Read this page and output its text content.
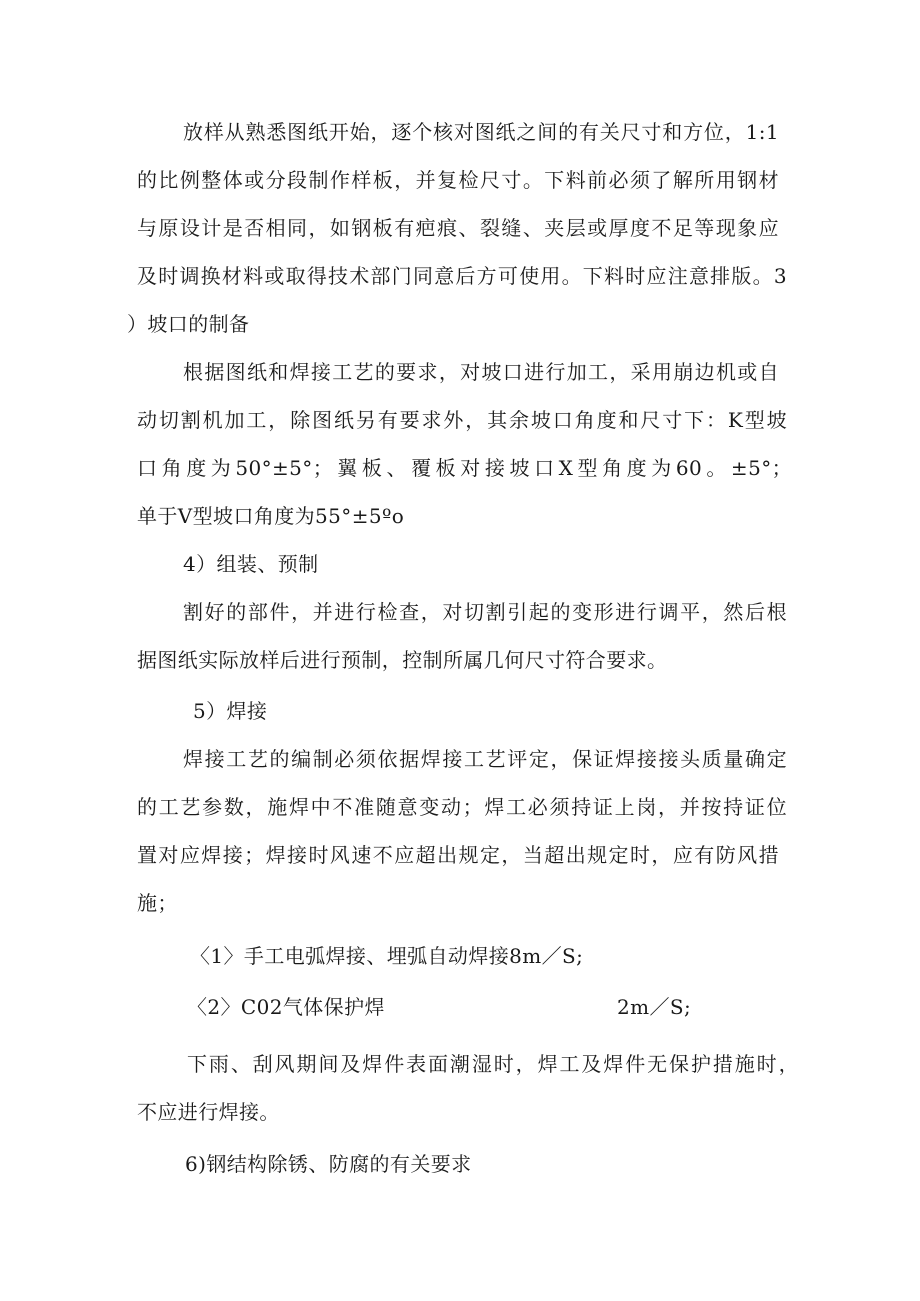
放样从熟悉图纸开始，逐个核对图纸之间的有关尺寸和方位，1:1
的比例整体或分段制作样板，并复检尺寸。下料前必须了解所用钢材
与原设计是否相同，如钢板有疤痕、裂缝、夹层或厚度不足等现象应
及时调换材料或取得技术部门同意后方可使用。下料时应注意排版。3
）坡口的制备
根据图纸和焊接工艺的要求，对坡口进行加工，采用崩边机或自
动切割机加工，除图纸另有要求外，其余坡口角度和尺寸下：K型坡
口角度为50°±5°；翼板、覆板对接坡口X型角度为60。±5°；
单于V型坡口角度为55°±5ºo
4）组装、预制
割好的部件，并进行检查，对切割引起的变形进行调平，然后根
据图纸实际放样后进行预制，控制所属几何尺寸符合要求。
5）焊接
焊接工艺的编制必须依据焊接工艺评定，保证焊接接头质量确定
的工艺参数，施焊中不准随意变动；焊工必须持证上岗，并按持证位
置对应焊接；焊接时风速不应超出规定，当超出规定时，应有防风措
施；
〈1〉手工电弧焊接、埋弧自动焊接8m／S;
〈2〉C02气体保护焊	2m／S;
下雨、刮风期间及焊件表面潮湿时，焊工及焊件无保护措施时，
不应进行焊接。
6)钢结构除锈、防腐的有关要求
